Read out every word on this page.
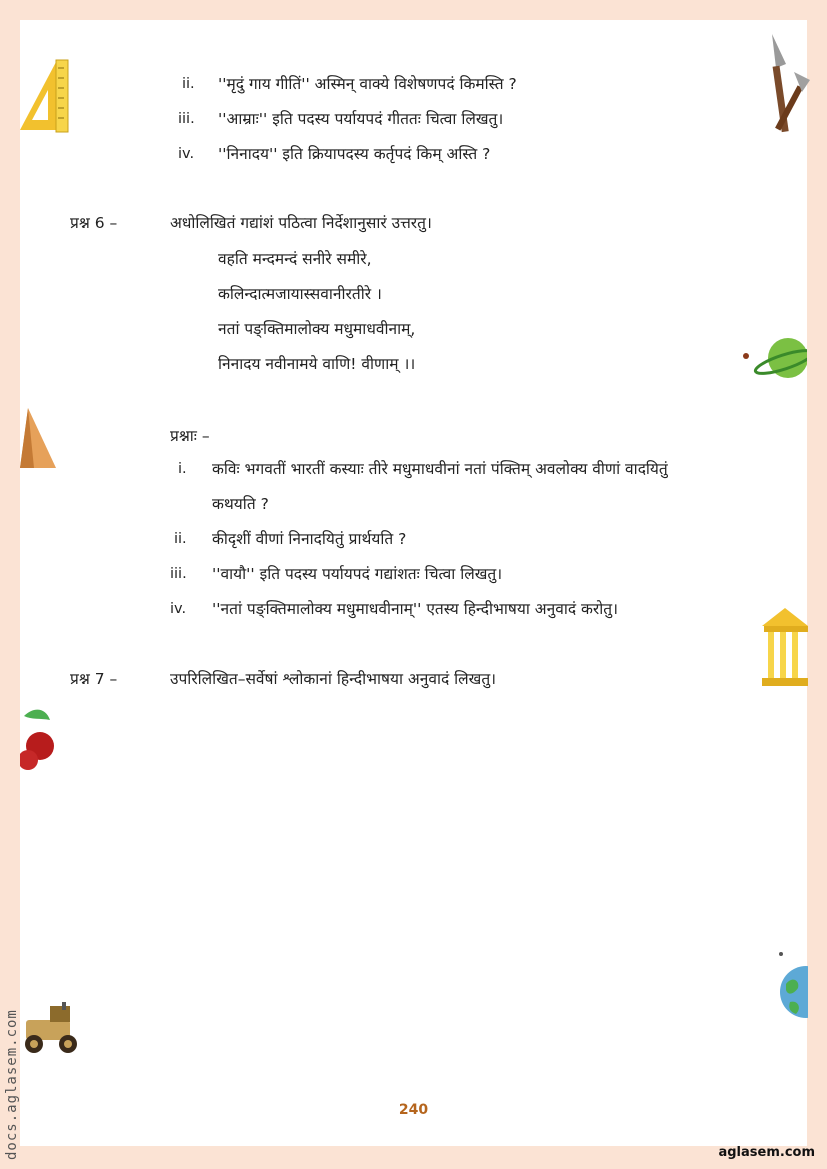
ii. ''मृदुं गाय गीतिं'' अस्मिन् वाक्ये विशेषणपदं किमस्ति ?
iii. ''आम्राः'' इति पदस्य पर्यायपदं गीततः चित्वा लिखतु।
iv. ''निनादय'' इति क्रियापदस्य कर्तृपदं किम् अस्ति ?
प्रश्न 6 –	अधोलिखितं गद्यांशं पठित्वा निर्देशानुसारं उत्तरतु।
वहति मन्दमन्दं सनीरे समीरे,
कलिन्दात्मजायास्सवानीरतीरे ।
नतां पङ्क्तिमालोक्य मधुमाधवीनाम्,
निनादय नवीनामये वाणि! वीणाम् ।।
प्रश्नाः –
i. कविः भगवतीं भारतीं कस्याः तीरे मधुमाधवीनां नतां पंक्तिम् अवलोक्य वीणां वादयितुं
कथयति ?
ii. कीदृशीं वीणां निनादयितुं प्रार्थयति ?
iii. ''वायौ'' इति पदस्य पर्यायपदं गद्यांशतः चित्वा लिखतु।
iv. ''नतां पङ्क्तिमालोक्य मधुमाधवीनाम्'' एतस्य हिन्दीभाषया अनुवादं करोतु।
प्रश्न 7 –	उपरिलिखित–सर्वेषां श्लोकानां हिन्दीभाषया अनुवादं लिखतु।
240
aglasem.com
docs.aglasem.com
